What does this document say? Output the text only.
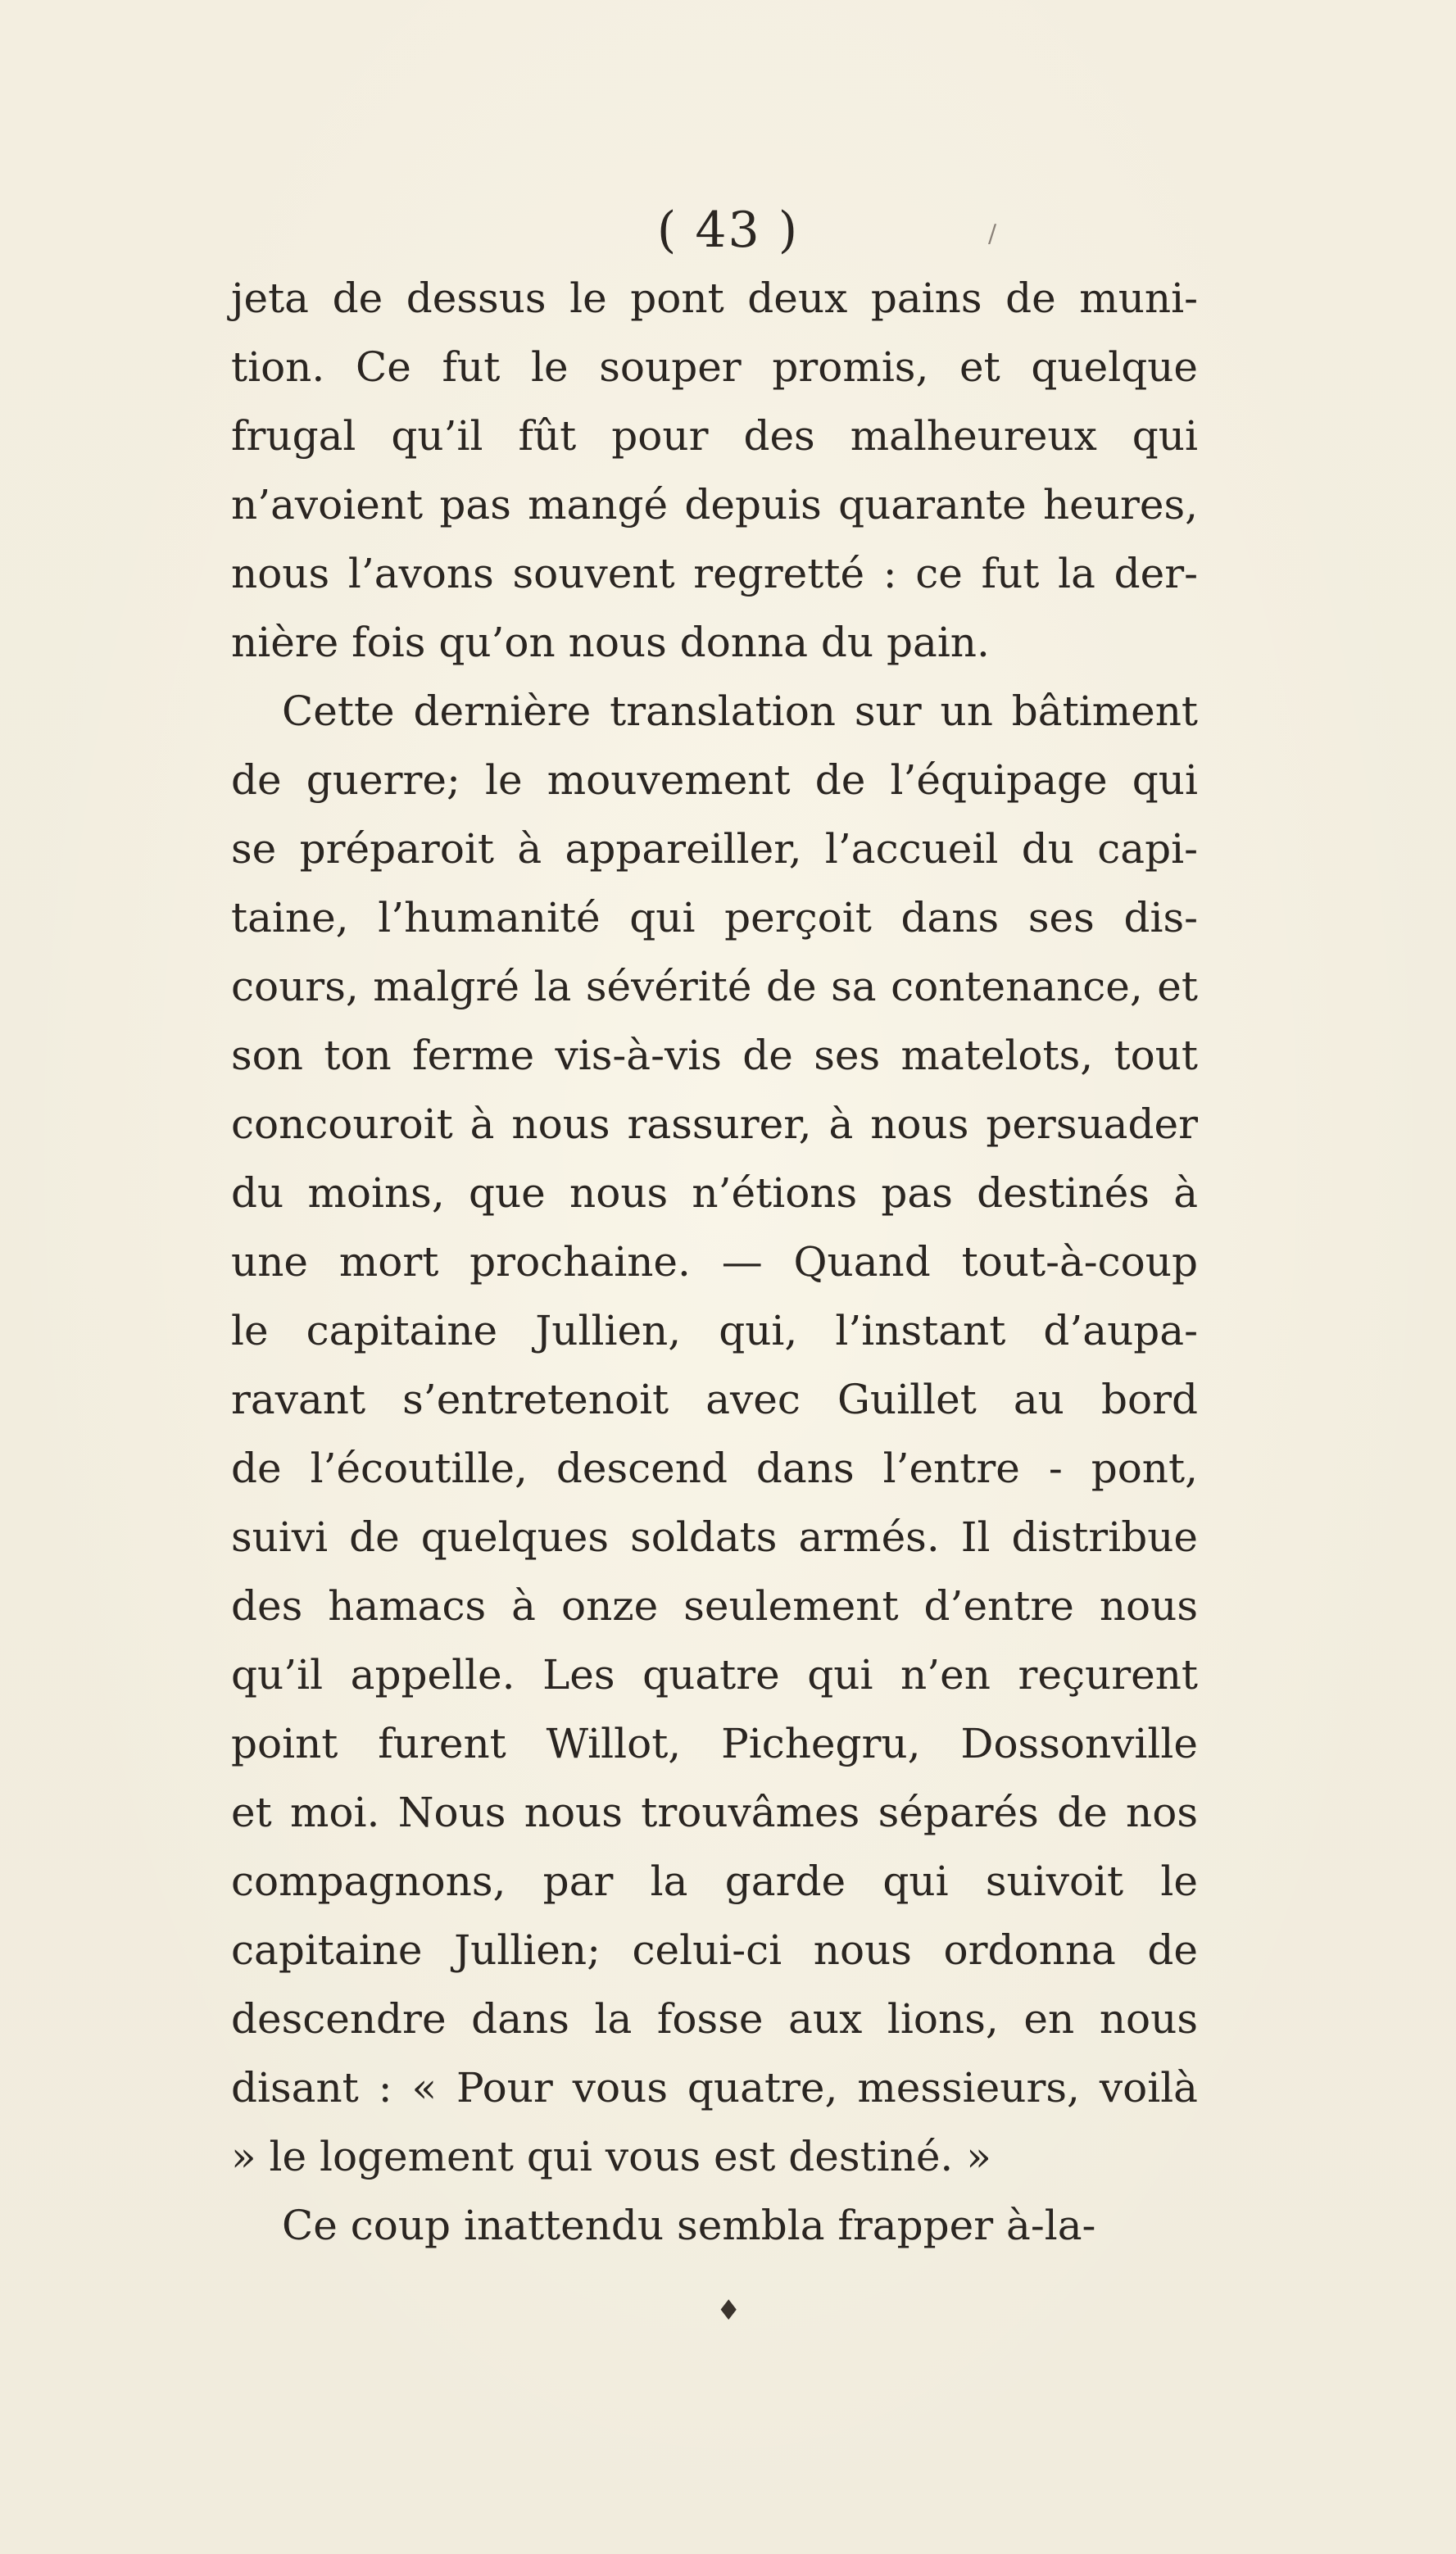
( 43 )	/
jeta de dessus le pont deux pains de muni-
tion. Ce fut le souper promis, et quelque
frugal qu’il fût pour des malheureux qui
n’avoient pas mangé depuis quarante heures,
nous l’avons souvent regretté : ce fut la der-
nière fois qu’on nous donna du pain.
Cette dernière translation sur un bâtiment
de guerre; le mouvement de l’équipage qui
se préparoit à appareiller, l’accueil du capi-
taine, l’humanité qui perçoit dans ses dis-
cours, malgré la sévérité de sa contenance, et
son ton ferme vis-à-vis de ses matelots, tout
concouroit à nous rassurer, à nous persuader
du moins, que nous n’étions pas destinés à
une mort prochaine. — Quand tout-à-coup
le capitaine Jullien, qui, l’instant d’aupa-
ravant s’entretenoit avec Guillet au bord
de l’écoutille, descend dans l’entre - pont,
suivi de quelques soldats armés. Il distribue
des hamacs à onze seulement d’entre nous
qu’il appelle. Les quatre qui n’en reçurent
point furent Willot, Pichegru, Dossonville
et moi. Nous nous trouvâmes séparés de nos
compagnons, par la garde qui suivoit le
capitaine Jullien; celui-ci nous ordonna de
descendre dans la fosse aux lions, en nous
disant : « Pour vous quatre, messieurs, voilà
» le logement qui vous est destiné. »
Ce coup inattendu sembla frapper à-la-
♦
